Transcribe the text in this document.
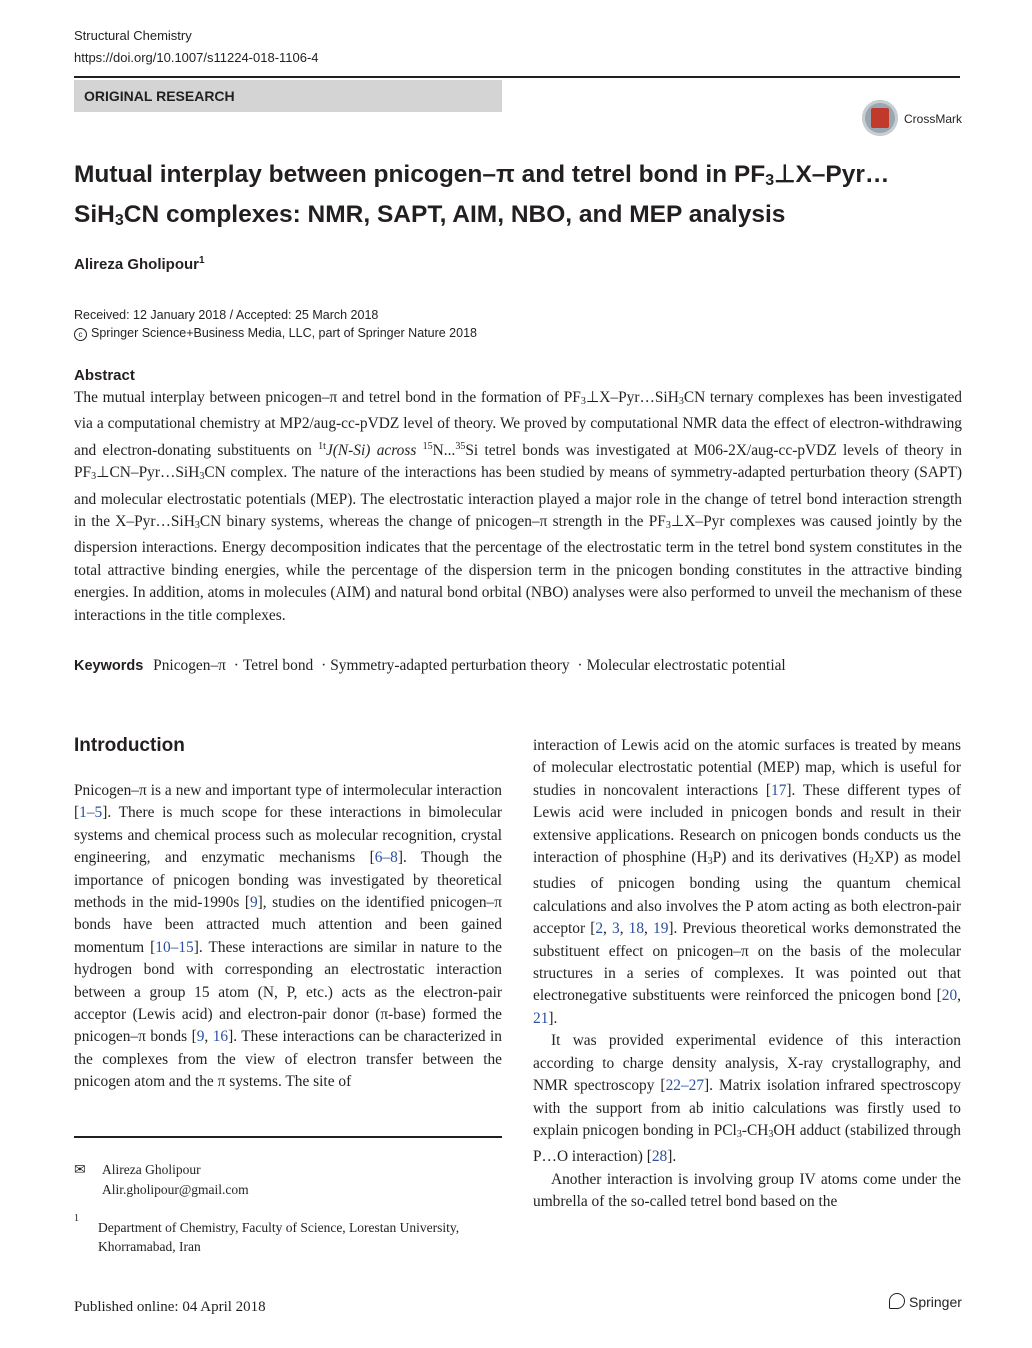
Structural Chemistry
https://doi.org/10.1007/s11224-018-1106-4
ORIGINAL RESEARCH
CrossMark
Mutual interplay between pnicogen–π and tetrel bond in $PF_3\perp X-Pyr\dots$
SiH$_3$CN complexes: NMR, SAPT, AIM, NBO, and MEP analysis
Alireza Gholipour$^1$
Received: 12 January 2018 / Accepted: 25 March 2018
c Springer Science+Business Media, LLC, part of Springer Nature 2018
Abstract
The mutual interplay between pnicogen–π and tetrel bond in the formation of $PF_3\perp X-Pyr\dots SiH_3CN$ ternary complexes has been investigated via a computational chemistry at MP2/aug-cc-pVDZ level of theory. We proved by computational NMR data the effect of electron-withdrawing and electron-donating substituents on $^{1t}$J(N-Si) across $^{15}$N...$^{35}$Si tetrel bonds was investigated at M06-2X/aug-cc-pVDZ levels of theory in $PF_3\perp CN-Pyr\dots SiH_3CN$ complex. The nature of the interactions has been studied by means of symmetry-adapted perturbation theory (SAPT) and molecular electrostatic potentials (MEP). The electrostatic interaction played a major role in the change of tetrel bond interaction strength in the X–Pyr…SiH$_3$CN binary systems, whereas the change of pnicogen–π strength in the $PF_3\perp X$–Pyr complexes was caused jointly by the dispersion interactions. Energy decomposition indicates that the percentage of the electrostatic term in the tetrel bond system constitutes in the total attractive binding energies, while the percentage of the dispersion term in the pnicogen bonding constitutes in the attractive binding energies. In addition, atoms in molecules (AIM) and natural bond orbital (NBO) analyses were also performed to unveil the mechanism of these interactions in the title complexes.
Keywords Pnicogen–π · Tetrel bond · Symmetry-adapted perturbation theory · Molecular electrostatic potential
Introduction

Pnicogen–π is a new and important type of intermolecular interaction [1–5]. There is much scope for these interactions in bimolecular systems and chemical process such as molecular recognition, crystal engineering, and enzymatic mechanisms [6–8]. Though the importance of pnicogen bonding was investigated by theoretical methods in the mid-1990s [9], studies on the identified pnicogen–π bonds have been attracted much attention and been gained momentum [10–15]. These interactions are similar in nature to the hydrogen bond with corresponding an electrostatic interaction between a group 15 atom (N, P, etc.) acts as the electron-pair acceptor (Lewis acid) and electron-pair donor (π-base) formed the pnicogen–π bonds [9, 16]. These interactions can be characterized in the complexes from the view of electron transfer between the pnicogen atom and the π systems. The site of

interaction of Lewis acid on the atomic surfaces is treated by means of molecular electrostatic potential (MEP) map, which is useful for studies in noncovalent interactions [17]. These different types of Lewis acid were included in pnicogen bonds and result in their extensive applications. Research on pnicogen bonds conducts us the interaction of phosphine $(H_3P)$ and its derivatives $(H_2XP)$ as model studies of pnicogen bonding using the quantum chemical calculations and also involves the P atom acting as both electron-pair acceptor [2, 3, 18, 19]. Previous theoretical works demonstrated the substituent effect on pnicogen–π on the basis of the molecular structures in a series of complexes. It was pointed out that electronegative substituents were reinforced the pnicogen bond [20, 21].

It was provided experimental evidence of this interaction according to charge density analysis, X-ray crystallography, and NMR spectroscopy [22–27]. Matrix isolation infrared spectroscopy with the support from ab initio calculations was firstly used to explain pnicogen bonding in $PCl_3-CH_3OH$ adduct (stabilized through P…O interaction) [28].

Another interaction is involving group IV atoms come under the umbrella of the so-called tetrel bond based on the

✉ Alireza Gholipour
Alir.gholipour@gmail.com
1
Department of Chemistry, Faculty of Science, Lorestan University, Khorramabad, Iran
Published online: 04 April 2018	Springer
